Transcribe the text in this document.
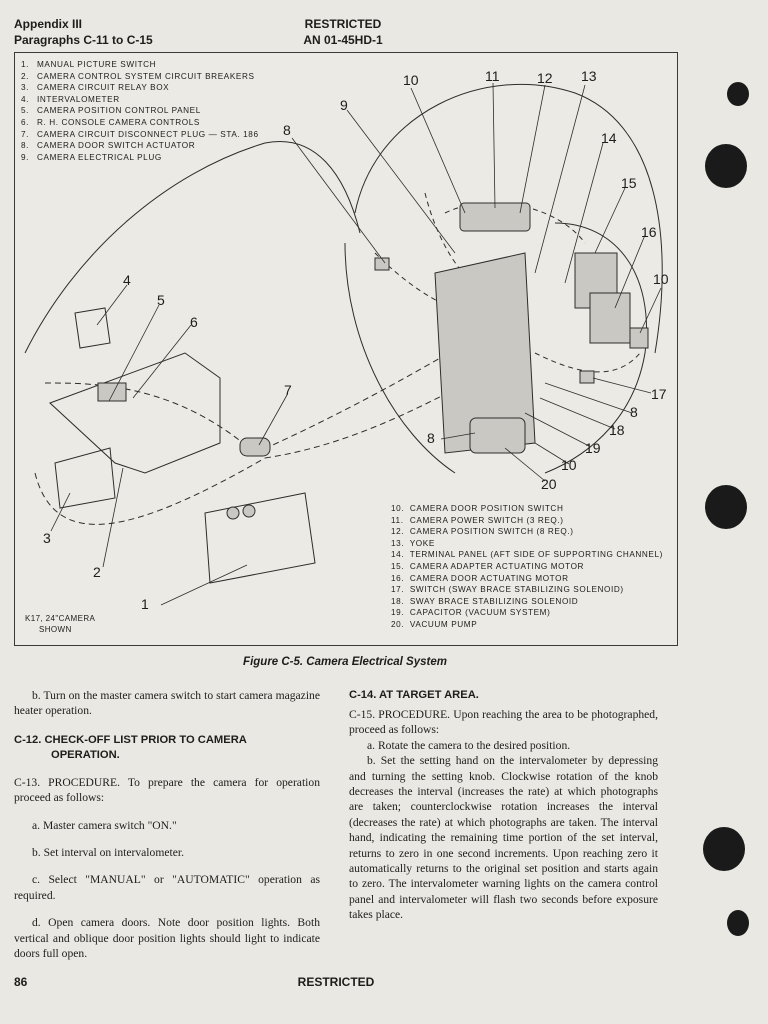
Appendix III
Paragraphs C-11 to C-15
RESTRICTED
AN 01-45HD-1
1
2
3
4
5
6
7
8
8
8
9
10
10
10
11	12 13
14
15
16
17
18
19
20
1. MANUAL PICTURE SWITCH
2. CAMERA CONTROL SYSTEM CIRCUIT BREAKERS
3. CAMERA CIRCUIT RELAY BOX
4. INTERVALOMETER
5. CAMERA POSITION CONTROL PANEL
6. R. H. CONSOLE CAMERA CONTROLS
7. CAMERA CIRCUIT DISCONNECT PLUG — STA. 186
8. CAMERA DOOR SWITCH ACTUATOR
9. CAMERA ELECTRICAL PLUG
10. CAMERA DOOR POSITION SWITCH
11. CAMERA POWER SWITCH (3 REQ.)
12. CAMERA POSITION SWITCH (8 REQ.)
13. YOKE
14. TERMINAL PANEL (AFT SIDE OF SUPPORTING CHANNEL)
15. CAMERA ADAPTER ACTUATING MOTOR
16. CAMERA DOOR ACTUATING MOTOR
17. SWITCH (SWAY BRACE STABILIZING SOLENOID)
18. SWAY BRACE STABILIZING SOLENOID
19. CAPACITOR (VACUUM SYSTEM)
20. VACUUM PUMP
K17, 24"CAMERA
SHOWN
Figure C-5. Camera Electrical System

b. Turn on the master camera switch to start camera magazine heater operation.

C-12. CHECK-OFF LIST PRIOR TO CAMERA
OPERATION.

C-13. PROCEDURE. To prepare the camera for operation proceed as follows:

a. Master camera switch "ON."

b. Set interval on intervalometer.

c. Select "MANUAL" or "AUTOMATIC" operation as required.

d. Open camera doors. Note door position lights. Both vertical and oblique door position lights should light to indicate doors full open.

C-14. AT TARGET AREA.

C-15. PROCEDURE. Upon reaching the area to be photographed, proceed as follows:

a. Rotate the camera to the desired position.

b. Set the setting hand on the intervalometer by depressing and turning the setting knob. Clockwise rotation of the knob decreases the interval (increases the rate) at which photographs are taken; counterclockwise rotation increases the interval (decreases the rate) at which photographs are taken. The interval hand, indicating the remaining time portion of the set interval, returns to zero in one second increments. Upon reaching zero it automatically returns to the original set position and starts again to zero. The intervalometer warning lights on the camera control panel and intervalometer will flash two seconds before exposure takes place.

86	RESTRICTED
